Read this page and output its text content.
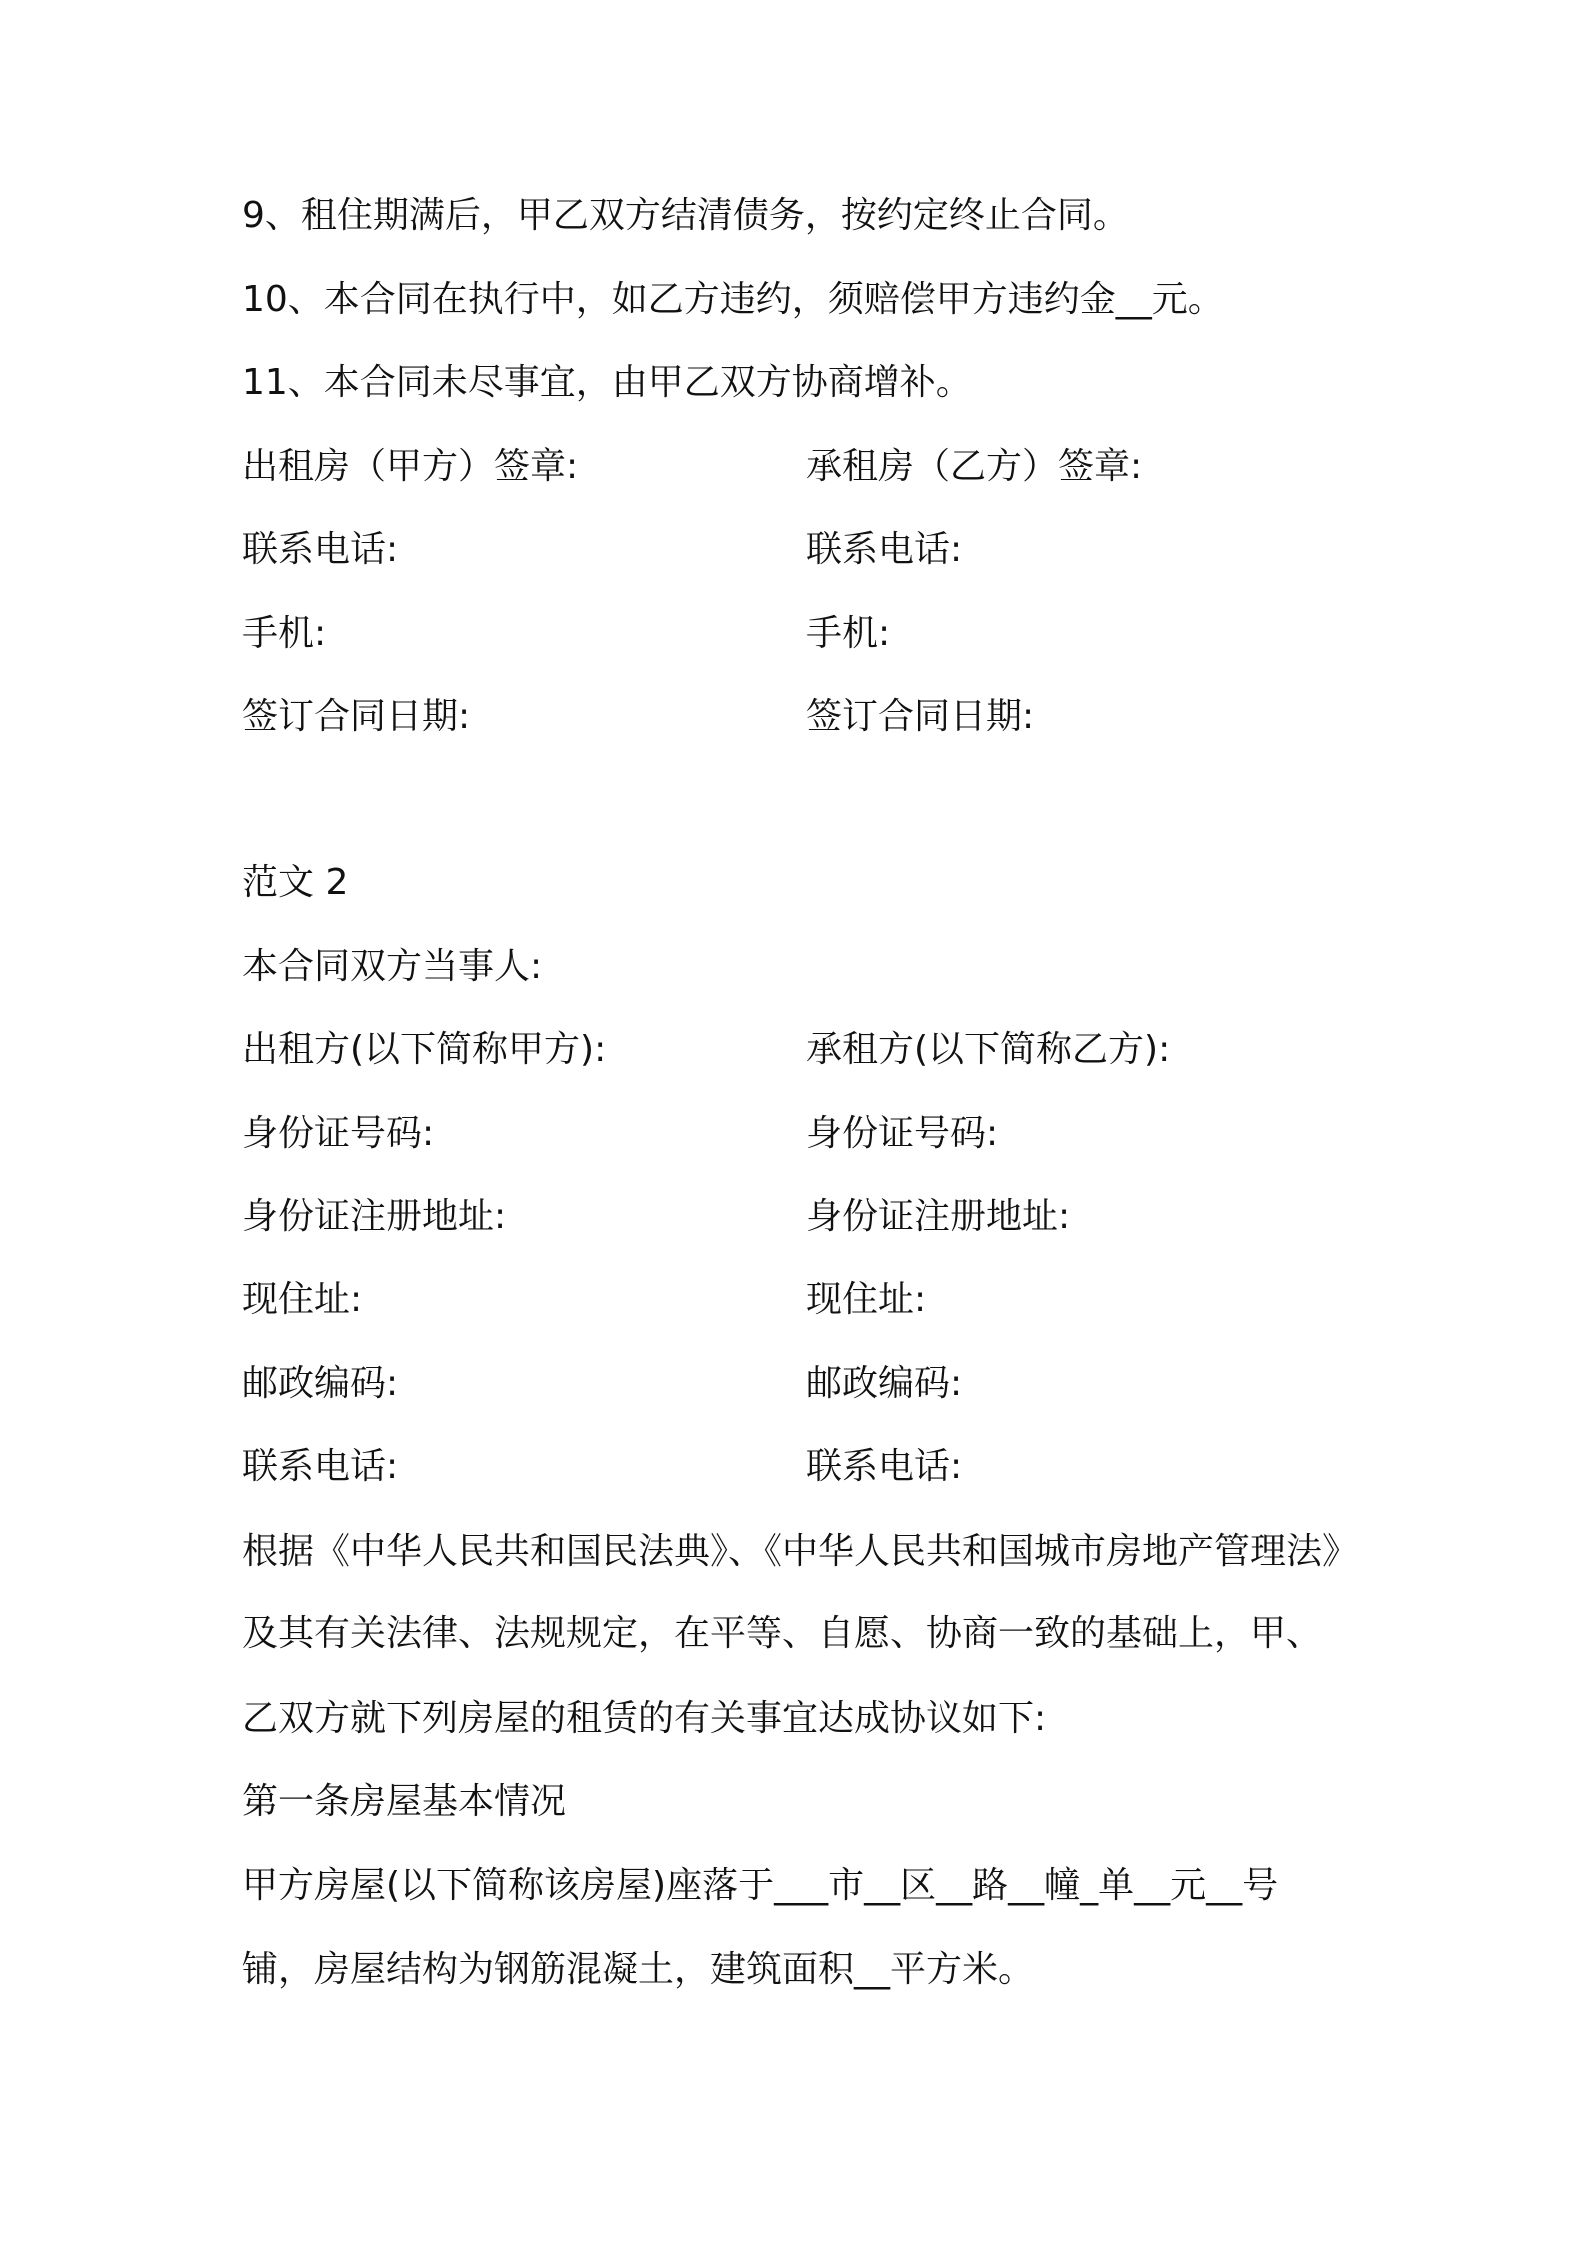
9、租住期满后，甲乙双方结清债务，按约定终止合同。

10、本合同在执行中，如乙方违约，须赔偿甲方违约金__元。

11、本合同未尽事宜，由甲乙双方协商增补。

出租房（甲方）签章:	承租房（乙方）签章:
联系电话:	联系电话:
手机:	手机:
签订合同日期:	签订合同日期:

范文 2

本合同双方当事人:

出租方(以下简称甲方):	承租方(以下简称乙方):
身份证号码:	身份证号码:
身份证注册地址:	身份证注册地址:
现住址:	现住址:
邮政编码:	邮政编码:
联系电话:	联系电话:

根据《中华人民共和国民法典》、《中华人民共和国城市房地产管理法》

及其有关法律、法规规定，在平等、自愿、协商一致的基础上，甲、

乙双方就下列房屋的租赁的有关事宜达成协议如下:

第一条房屋基本情况

甲方房屋(以下简称该房屋)座落于___市__区__路__幢_单__元__号

铺，房屋结构为钢筋混凝土，建筑面积__平方米。
